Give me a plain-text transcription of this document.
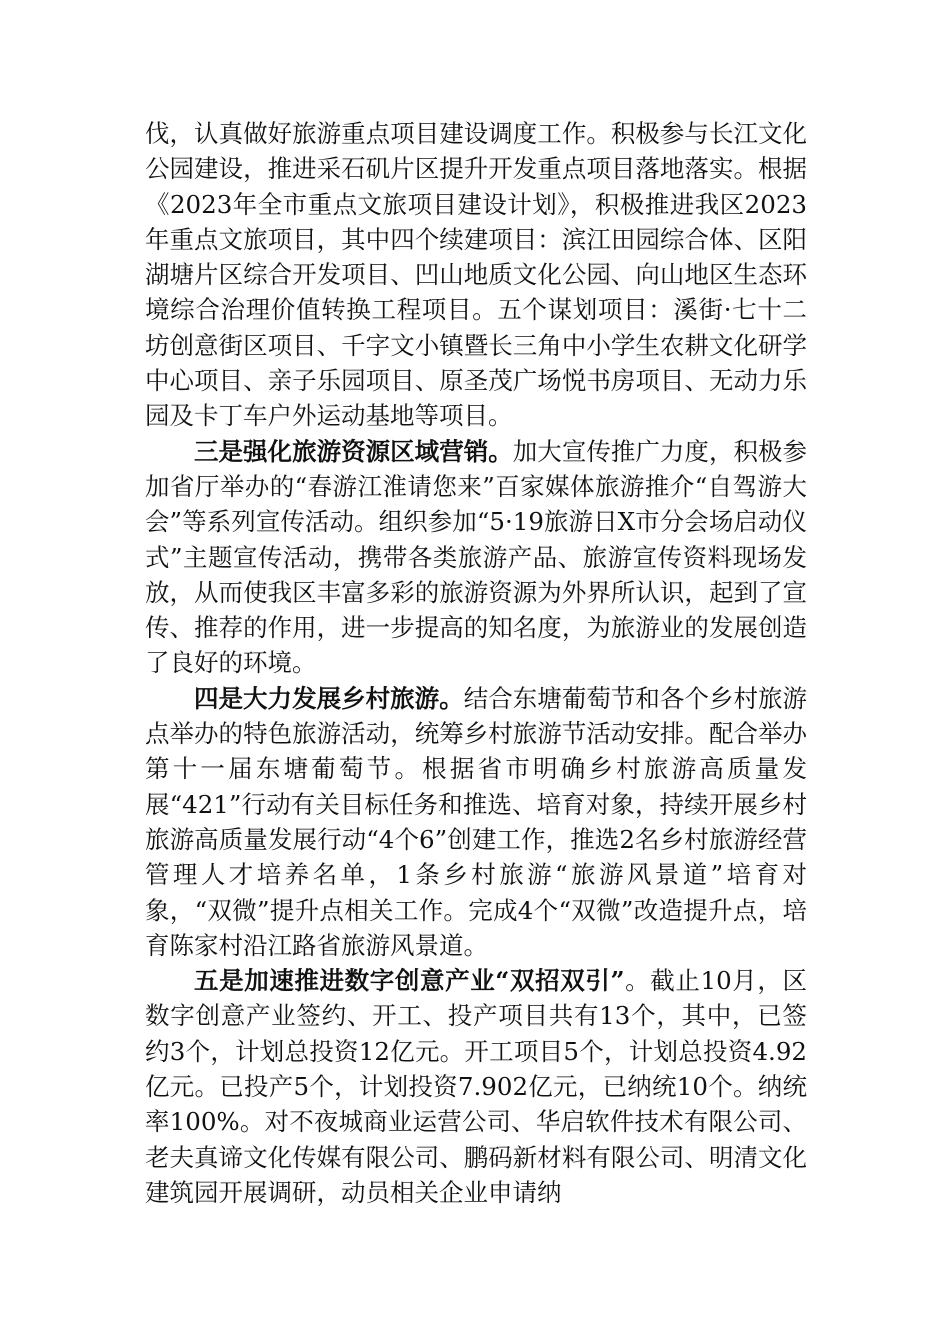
伐，认真做好旅游重点项目建设调度工作。积极参与长江文化公园建设，推进采石矶片区提升开发重点项目落地落实。根据《2023年全市重点文旅项目建设计划》，积极推进我区2023年重点文旅项目，其中四个续建项目：滨江田园综合体、区阳湖塘片区综合开发项目、凹山地质文化公园、向山地区生态环境综合治理价值转换工程项目。五个谋划项目：溪街·七十二坊创意街区项目、千字文小镇暨长三角中小学生农耕文化研学中心项目、亲子乐园项目、原圣茂广场悦书房项目、无动力乐园及卡丁车户外运动基地等项目。

三是强化旅游资源区域营销。加大宣传推广力度，积极参加省厅举办的“春游江淮请您来”百家媒体旅游推介“自驾游大会”等系列宣传活动。组织参加“5·19旅游日X市分会场启动仪式”主题宣传活动，携带各类旅游产品、旅游宣传资料现场发放，从而使我区丰富多彩的旅游资源为外界所认识，起到了宣传、推荐的作用，进一步提高的知名度，为旅游业的发展创造了良好的环境。

四是大力发展乡村旅游。结合东塘葡萄节和各个乡村旅游点举办的特色旅游活动，统筹乡村旅游节活动安排。配合举办第十一届东塘葡萄节。根据省市明确乡村旅游高质量发展“421”行动有关目标任务和推选、培育对象，持续开展乡村旅游高质量发展行动“4个6”创建工作，推选2名乡村旅游经营管理人才培养名单，1条乡村旅游“旅游风景道”培育对象，“双微”提升点相关工作。完成4个“双微”改造提升点，培育陈家村沿江路省旅游风景道。

五是加速推进数字创意产业“双招双引”。截止10月，区数字创意产业签约、开工、投产项目共有13个，其中，已签约3个，计划总投资12亿元。开工项目5个，计划总投资4.92亿元。已投产5个，计划投资7.902亿元，已纳统10个。纳统率100%。对不夜城商业运营公司、华启软件技术有限公司、老夫真谛文化传媒有限公司、鹏码新材料有限公司、明清文化建筑园开展调研，动员相关企业申请纳
